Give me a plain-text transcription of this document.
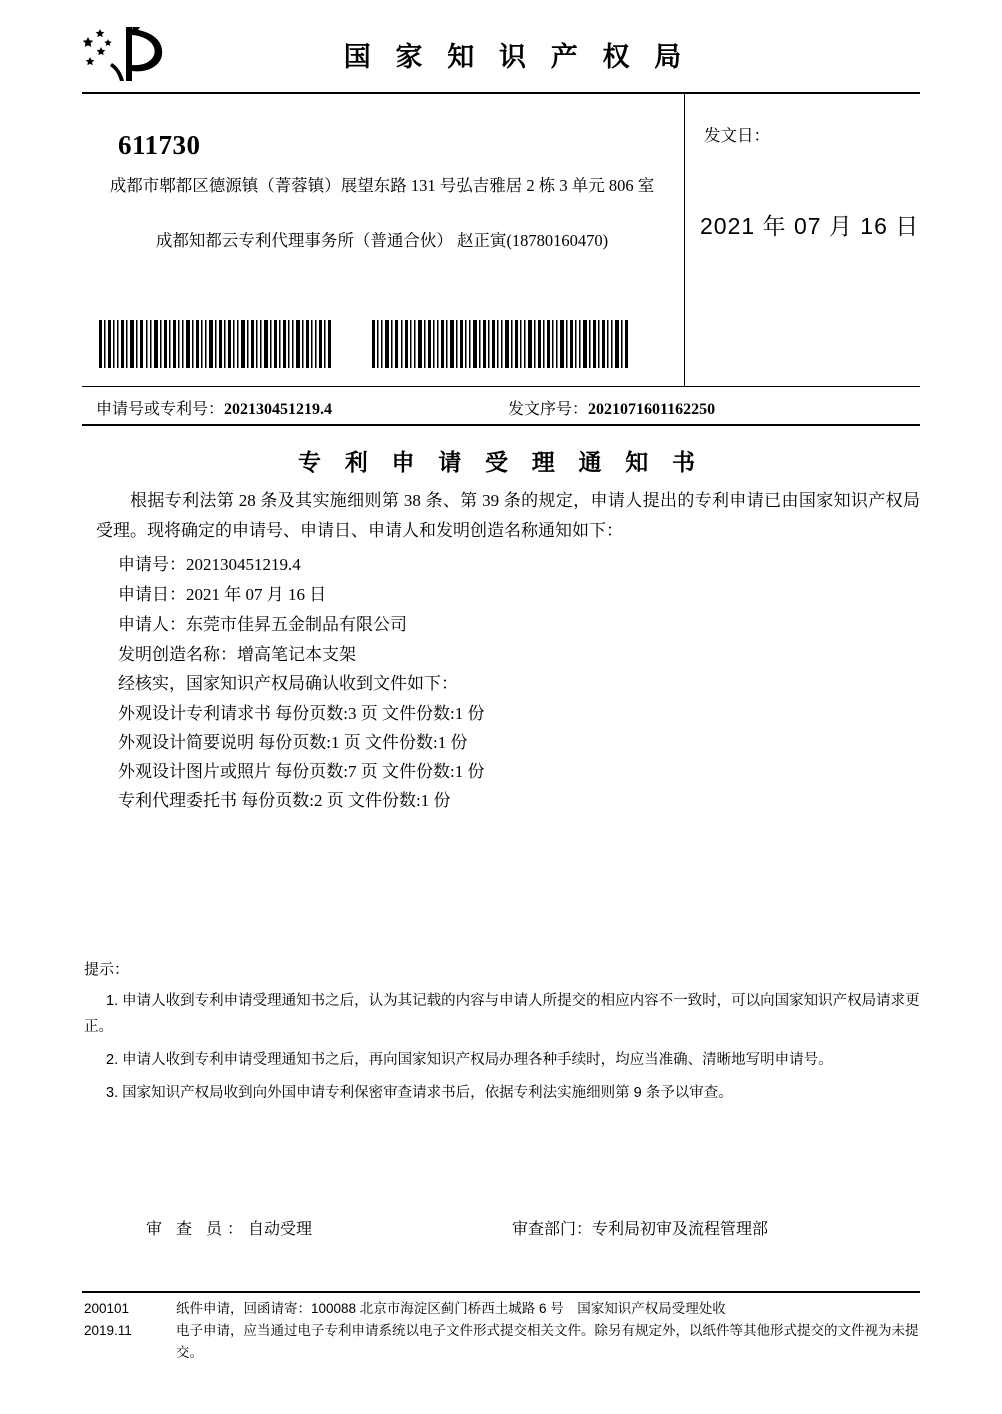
国 家 知 识 产 权 局
611730
成都市郫都区德源镇（菁蓉镇）展望东路 131 号弘吉雅居 2 栋 3 单元 806 室
成都知都云专利代理事务所（普通合伙） 赵正寅(18780160470)
发文日：
2021 年 07 月 16 日
申请号或专利号：202130451219.4	发文序号：2021071601162250
专 利 申 请 受 理 通 知 书
根据专利法第 28 条及其实施细则第 38 条、第 39 条的规定，申请人提出的专利申请已由国家知识产权局受理。现将确定的申请号、申请日、申请人和发明创造名称通知如下：
申请号：202130451219.4
申请日：2021 年 07 月 16 日
申请人：东莞市佳昇五金制品有限公司
发明创造名称：增高笔记本支架
经核实，国家知识产权局确认收到文件如下：
外观设计专利请求书 每份页数:3 页 文件份数:1 份
外观设计简要说明 每份页数:1 页 文件份数:1 份
外观设计图片或照片 每份页数:7 页 文件份数:1 份
专利代理委托书 每份页数:2 页 文件份数:1 份
提示：
1. 申请人收到专利申请受理通知书之后，认为其记载的内容与申请人所提交的相应内容不一致时，可以向国家知识产权局请求更正。
2. 申请人收到专利申请受理通知书之后，再向国家知识产权局办理各种手续时，均应当准确、清晰地写明申请号。
3. 国家知识产权局收到向外国申请专利保密审查请求书后，依据专利法实施细则第 9 条予以审查。
审 查 员：自动受理	审查部门：专利局初审及流程管理部
200101
2019.11
纸件申请，回函请寄：100088 北京市海淀区蓟门桥西土城路 6 号　国家知识产权局受理处收
电子申请，应当通过电子专利申请系统以电子文件形式提交相关文件。除另有规定外，以纸件等其他形式提交的文件视为未提交。
